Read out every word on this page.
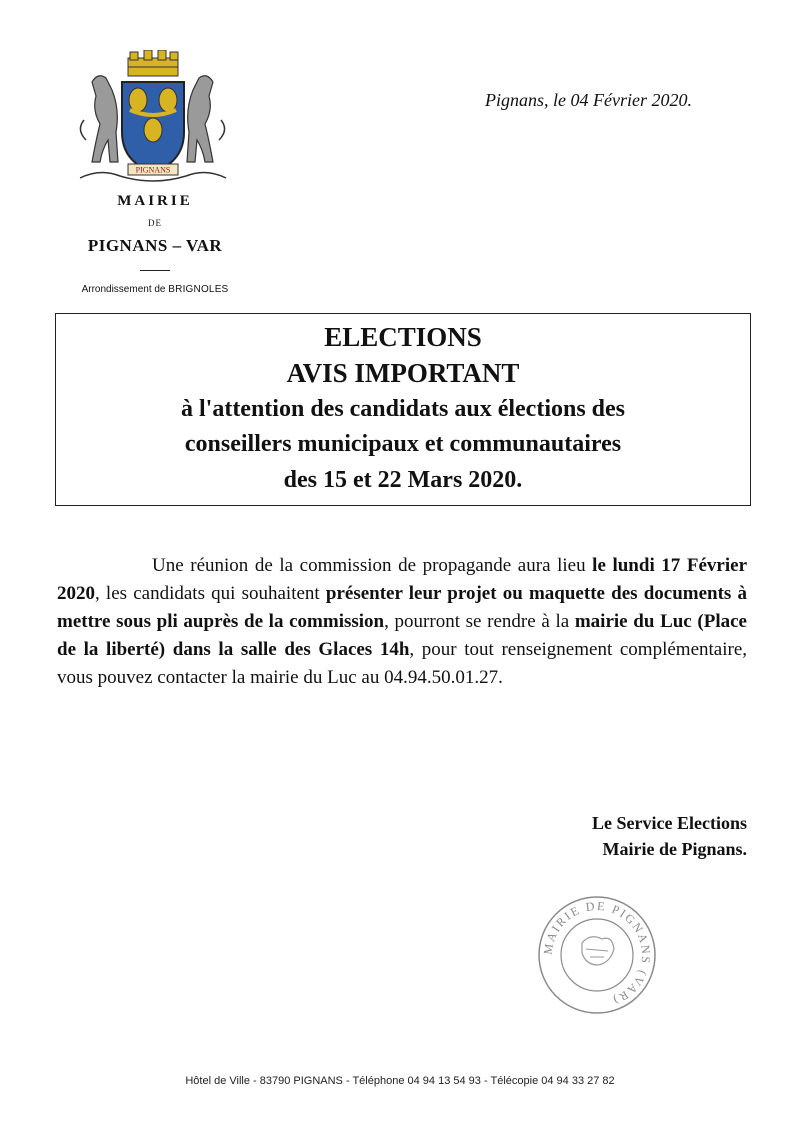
PIGNANS
MAIRIE
DE
PIGNANS – VAR
Arrondissement de BRIGNOLES
Pignans, le 04 Février 2020.
ELECTIONS
AVIS IMPORTANT
à l'attention des candidats aux élections des
conseillers municipaux et communautaires
des 15 et 22 Mars 2020.

Une réunion de la commission de propagande aura lieu le lundi 17 Février 2020, les candidats qui souhaitent présenter leur projet ou maquette des documents à mettre sous pli auprès de la commission, pourront se rendre à la mairie du Luc (Place de la liberté) dans la salle des Glaces 14h, pour tout renseignement complémentaire, vous pouvez contacter la mairie du Luc au 04.94.50.01.27.

Le Service Elections
Mairie de Pignans.
MAIRIE DE PIGNANS (VAR)
Hôtel de Ville - 83790 PIGNANS - Téléphone 04 94 13 54 93 - Télécopie 04 94 33 27 82
